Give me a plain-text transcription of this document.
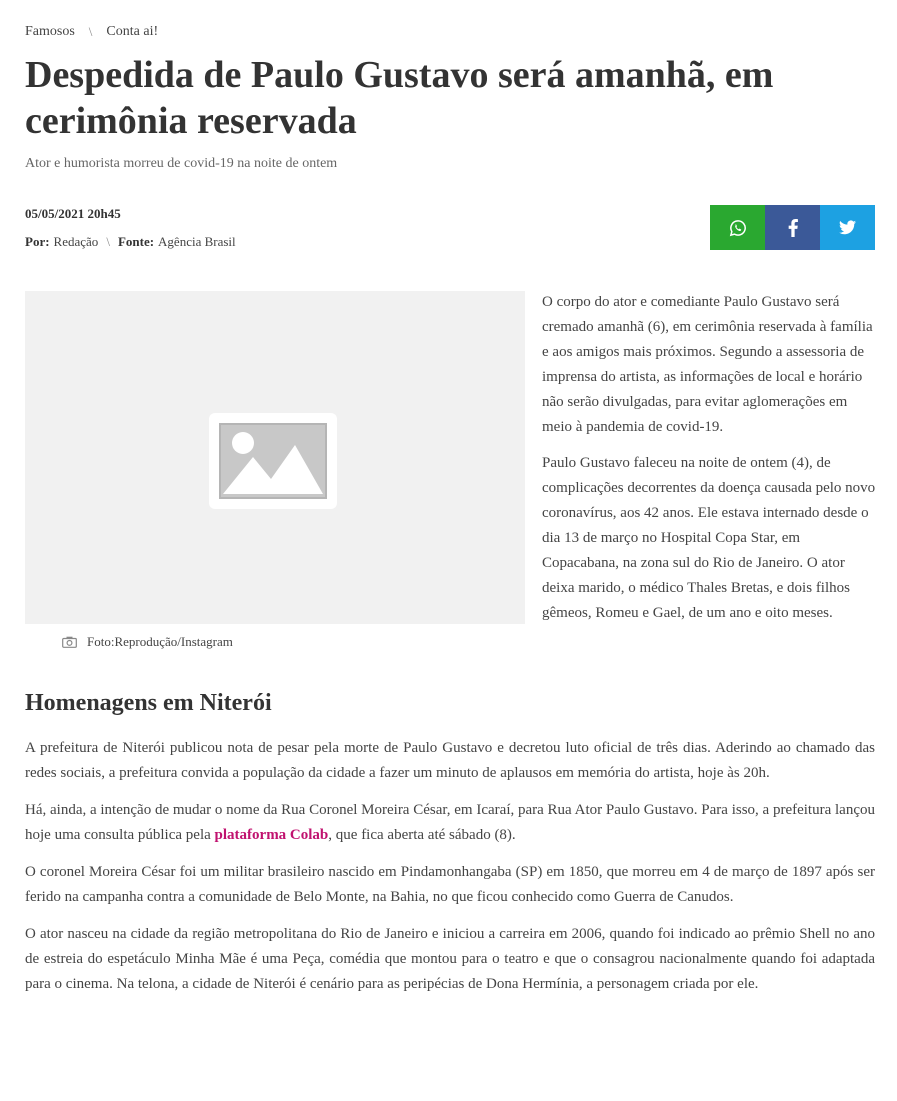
Famosos \ Conta ai!
Despedida de Paulo Gustavo será amanhã, em cerimônia reservada
Ator e humorista morreu de covid-19 na noite de ontem
05/05/2021 20h45
Por: Redação \ Fonte: Agência Brasil
Foto:Reprodução/Instagram

O corpo do ator e comediante Paulo Gustavo será cremado amanhã (6), em cerimônia reservada à família e aos amigos mais próximos. Segundo a assessoria de imprensa do artista, as informações de local e horário não serão divulgadas, para evitar aglomerações em meio à pandemia de covid-19.

Paulo Gustavo faleceu na noite de ontem (4), de complicações decorrentes da doença causada pelo novo coronavírus, aos 42 anos. Ele estava internado desde o dia 13 de março no Hospital Copa Star, em Copacabana, na zona sul do Rio de Janeiro. O ator deixa marido, o médico Thales Bretas, e dois filhos gêmeos, Romeu e Gael, de um ano e oito meses.

Homenagens em Niterói

A prefeitura de Niterói publicou nota de pesar pela morte de Paulo Gustavo e decretou luto oficial de três dias. Aderindo ao chamado das redes sociais, a prefeitura convida a população da cidade a fazer um minuto de aplausos em memória do artista, hoje às 20h.

Há, ainda, a intenção de mudar o nome da Rua Coronel Moreira César, em Icaraí, para Rua Ator Paulo Gustavo. Para isso, a prefeitura lançou hoje uma consulta pública pela plataforma Colab, que fica aberta até sábado (8).

O coronel Moreira César foi um militar brasileiro nascido em Pindamonhangaba (SP) em 1850, que morreu em 4 de março de 1897 após ser ferido na campanha contra a comunidade de Belo Monte, na Bahia, no que ficou conhecido como Guerra de Canudos.

O ator nasceu na cidade da região metropolitana do Rio de Janeiro e iniciou a carreira em 2006, quando foi indicado ao prêmio Shell no ano de estreia do espetáculo Minha Mãe é uma Peça, comédia que montou para o teatro e que o consagrou nacionalmente quando foi adaptada para o cinema. Na telona, a cidade de Niterói é cenário para as peripécias de Dona Hermínia, a personagem criada por ele.
